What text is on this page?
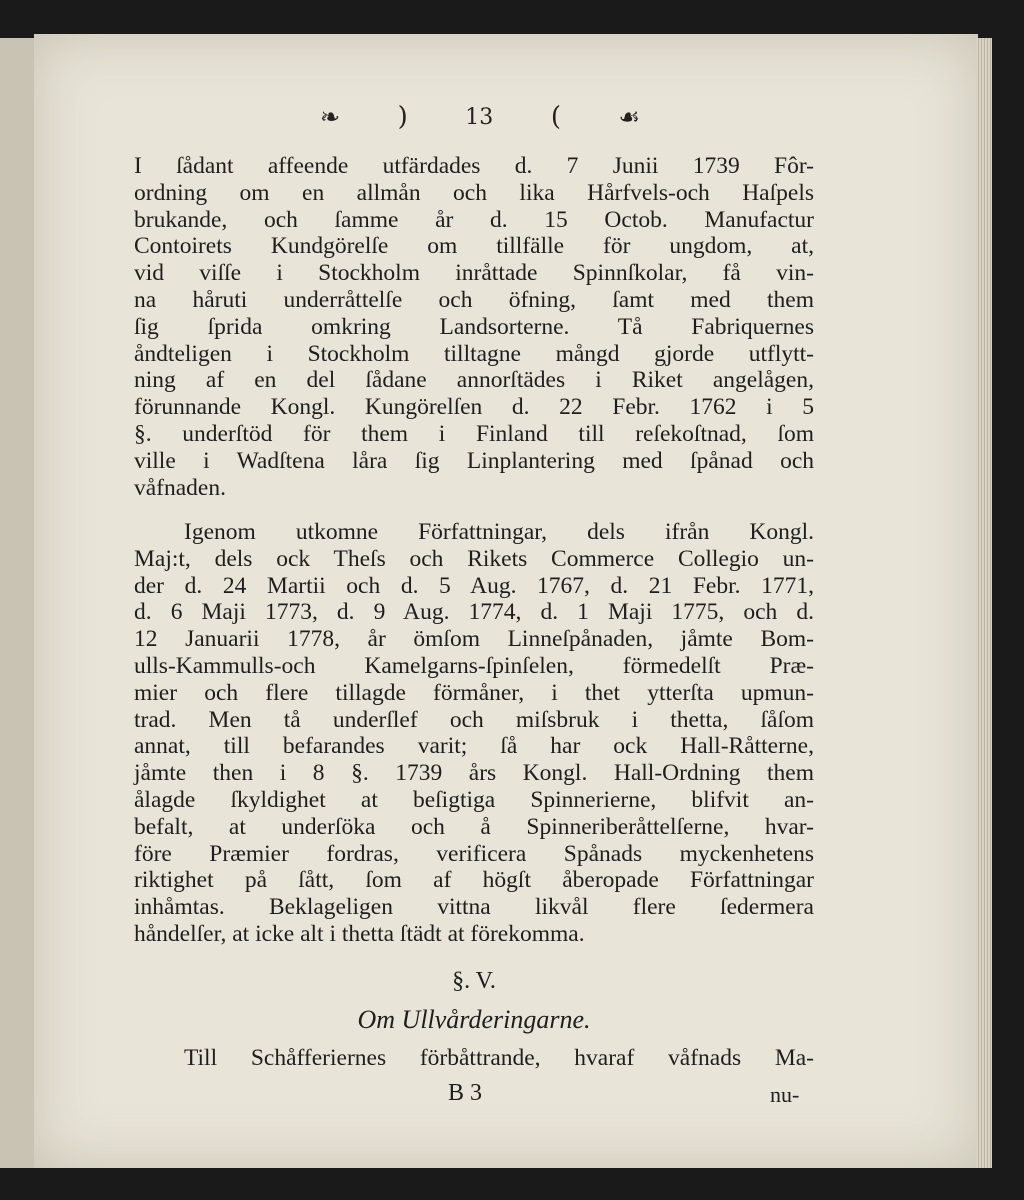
❧ )	13 ( ☙
I ſådant affeende utfärdades d. 7 Junii 1739 Fôr-
ordning om en allmån och lika Hårfvels-och Haſpels
brukande, och ſamme år d. 15 Octob. Manufactur
Contoirets Kundgörelſe om tillfälle för ungdom, at,
vid viſſe i Stockholm inråttade Spinnſkolar, få vin-
na håruti underråttelſe och öfning, ſamt med them
ſig ſprida omkring Landsorterne. Tå Fabriquernes
åndteligen i Stockholm tilltagne mångd gjorde utflytt-
ning af en del ſådane annorſtädes i Riket angelågen,
förunnande Kongl. Kungörelſen d. 22 Febr. 1762 i 5
§. underſtöd för them i Finland till reſekoſtnad, ſom
ville i Wadſtena låra ſig Linplantering med ſpånad och
våfnaden.
Igenom utkomne Författningar, dels ifrån Kongl.
Maj:t, dels ock Theſs och Rikets Commerce Collegio un-
der d. 24 Martii och d. 5 Aug. 1767, d. 21 Febr. 1771,
d. 6 Maji 1773, d. 9 Aug. 1774, d. 1 Maji 1775, och d.
12 Januarii 1778, år ömſom Linneſpånaden, jåmte Bom-
ulls-Kammulls-och Kamelgarns-ſpinſelen, förmedelſt Præ-
mier och flere tillagde förmåner, i thet ytterſta upmun-
trad. Men tå underſlef och miſsbruk i thetta, ſåſom
annat, till befarandes varit; ſå har ock Hall-Råtterne,
jåmte then i 8 §. 1739 års Kongl. Hall-Ordning them
ålagde ſkyldighet at beſigtiga Spinnerierne, blifvit an-
befalt, at underſöka och å Spinneriberåttelſerne, hvar-
före Præmier fordras, verificera Spånads myckenhetens
riktighet på ſått, ſom af högſt åberopade Författningar
inhåmtas. Beklageligen vittna likvål flere ſedermera
håndelſer, at icke alt i thetta ſtädt at förekomma.
§. V.
Om Ullvårderingarne.
Till Schåfferiernes förbåttrande, hvaraf våfnads Ma-
B 3	nu-
